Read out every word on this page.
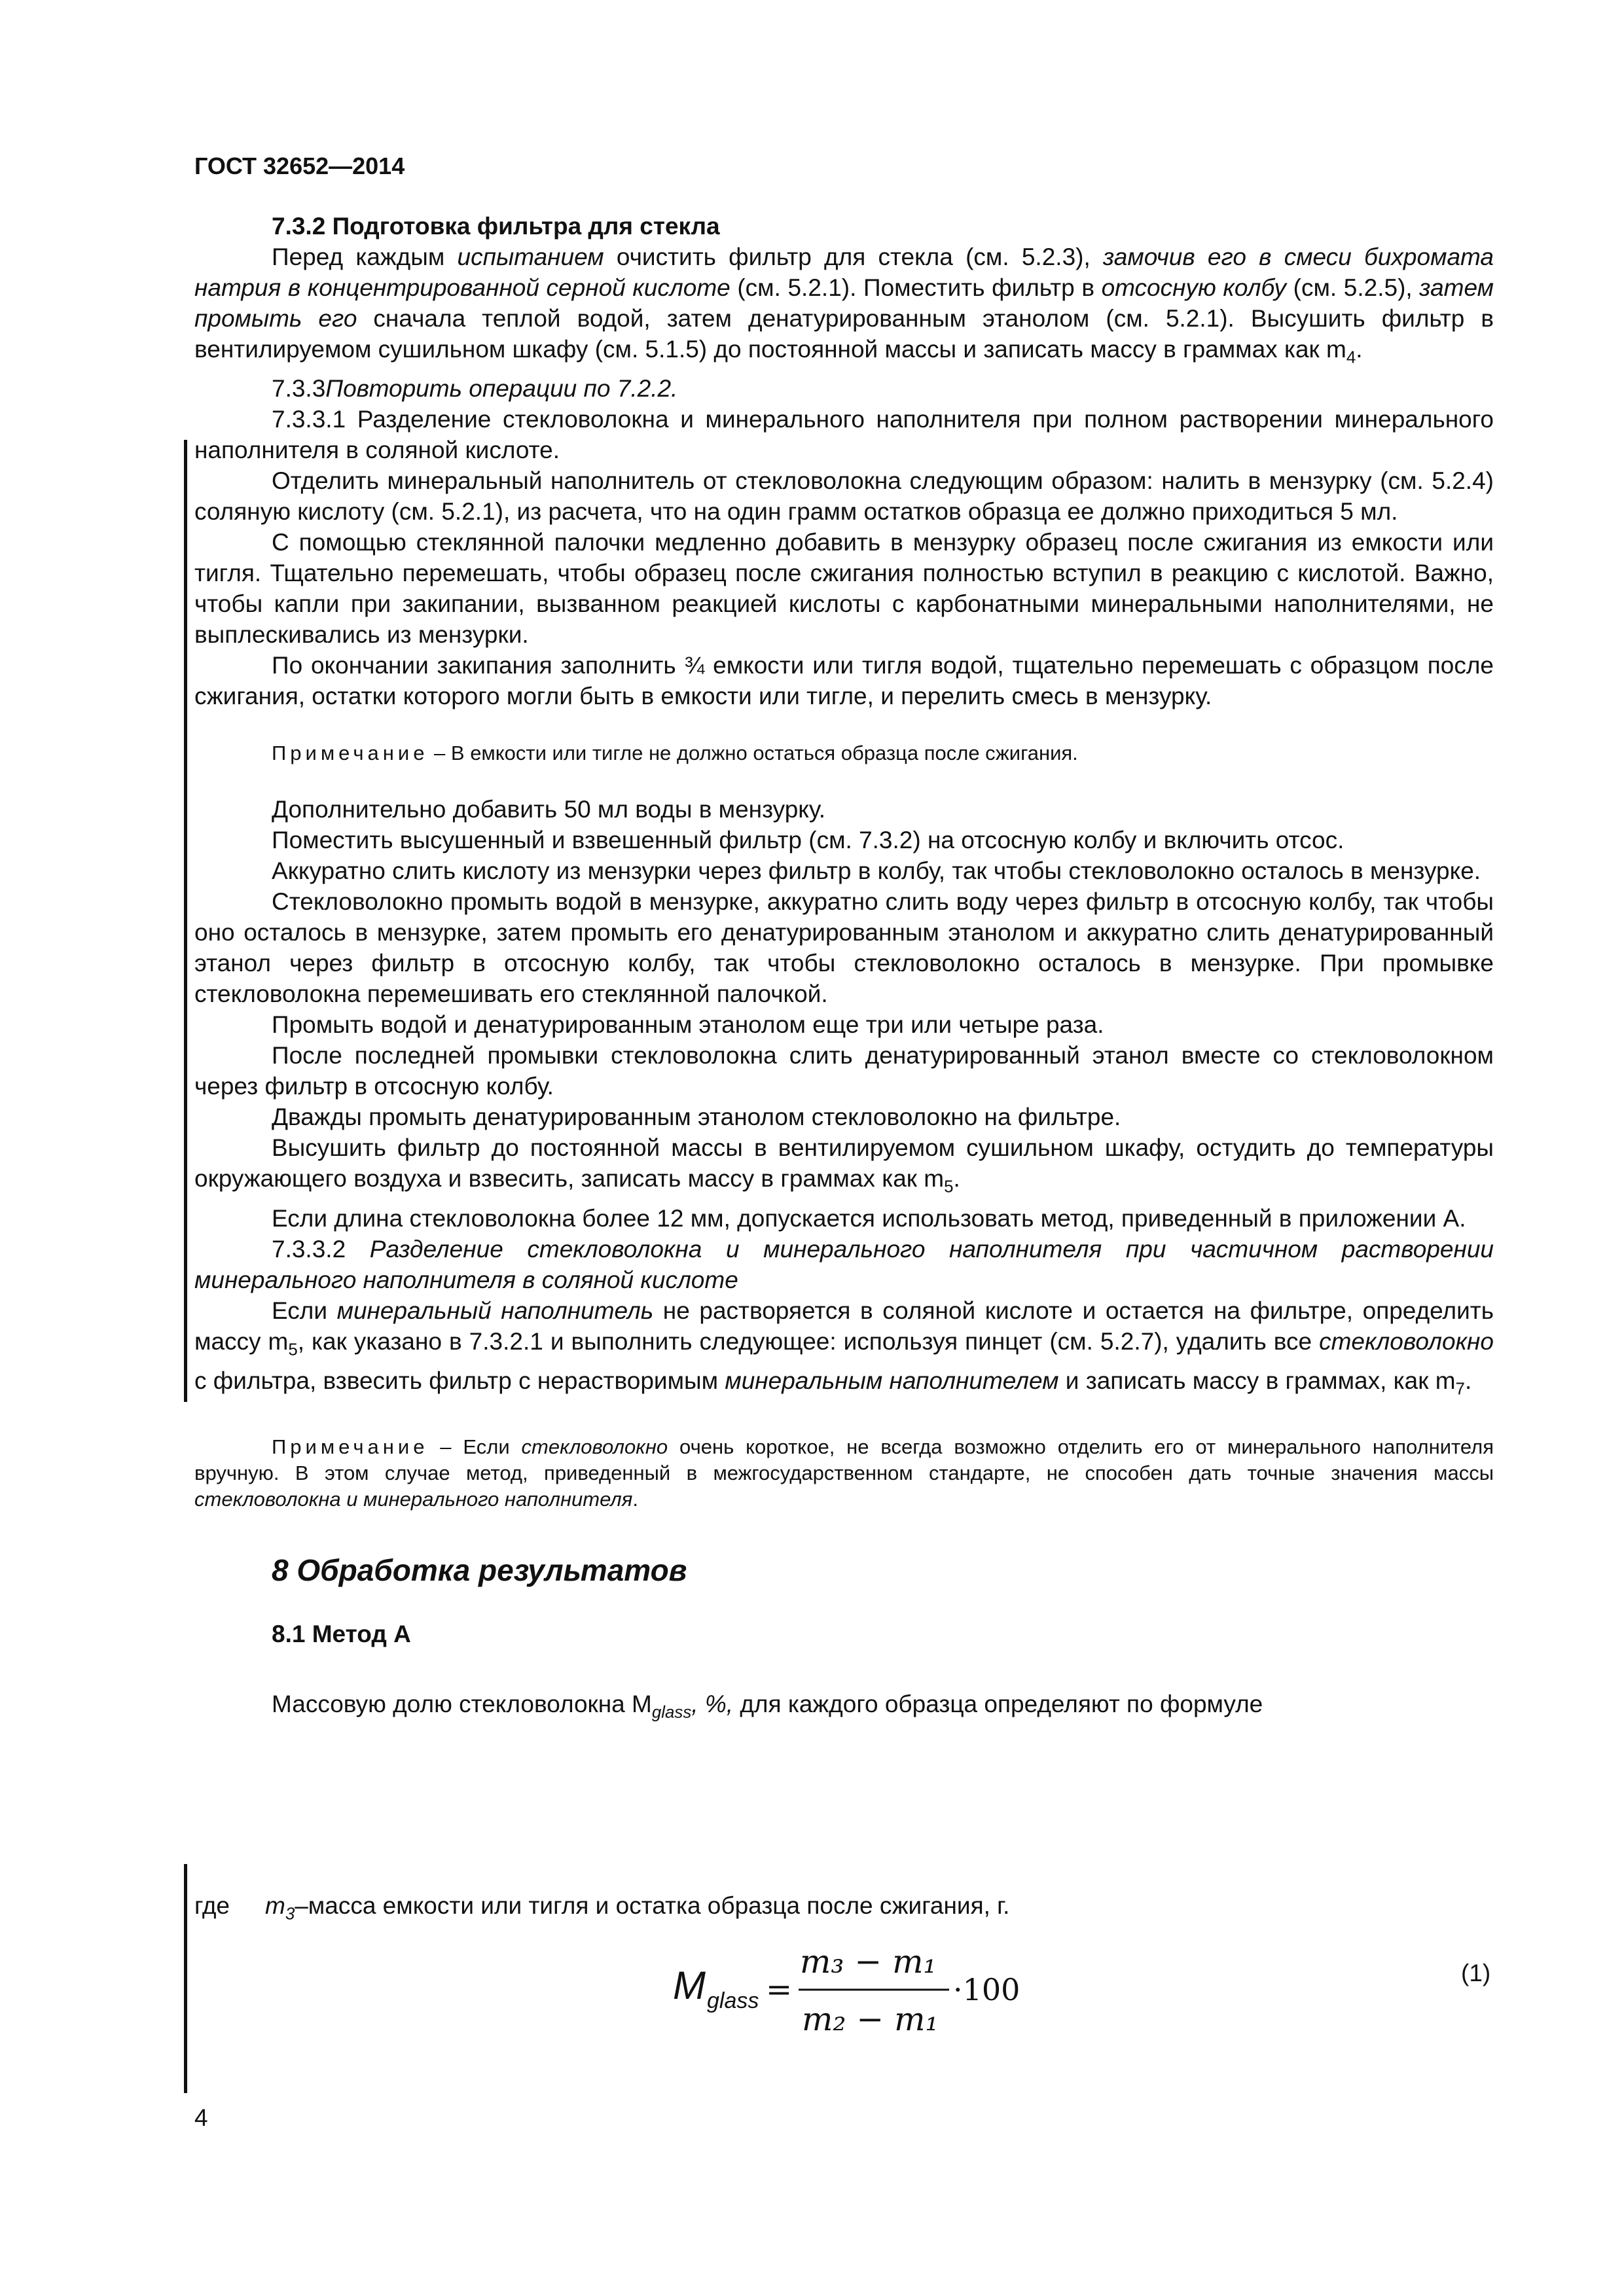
ГОСТ 32652—2014

7.3.2 Подготовка фильтра для стекла

Перед каждым испытанием очистить фильтр для стекла (см. 5.2.3), замочив его в смеси бихромата натрия в концентрированной серной кислоте (см. 5.2.1). Поместить фильтр в отсосную колбу (см. 5.2.5), затем промыть его сначала теплой водой, затем денатурированным этанолом (см. 5.2.1). Высушить фильтр в вентилируемом сушильном шкафу (см. 5.1.5) до постоянной массы и записать массу в граммах как $m_4$.

7.3.3Повторить операции по 7.2.2.

7.3.3.1 Разделение стекловолокна и минерального наполнителя при полном растворении минерального наполнителя в соляной кислоте.

Отделить минеральный наполнитель от стекловолокна следующим образом: налить в мензурку (см. 5.2.4) соляную кислоту (см. 5.2.1), из расчета, что на один грамм остатков образца ее должно приходиться 5 мл.

С помощью стеклянной палочки медленно добавить в мензурку образец после сжигания из емкости или тигля. Тщательно перемешать, чтобы образец после сжигания полностью вступил в реакцию с кислотой. Важно, чтобы капли при закипании, вызванном реакцией кислоты с карбонатными минеральными наполнителями, не выплескивались из мензурки.

По окончании закипания заполнить ¾ емкости или тигля водой, тщательно перемешать с образцом после сжигания, остатки которого могли быть в емкости или тигле, и перелить смесь в мензурку.

Примечание – В емкости или тигле не должно остаться образца после сжигания.

Дополнительно добавить 50 мл воды в мензурку.

Поместить высушенный и взвешенный фильтр (см. 7.3.2) на отсосную колбу и включить отсос.

Аккуратно слить кислоту из мензурки через фильтр в колбу, так чтобы стекловолокно осталось в мензурке.

Стекловолокно промыть водой в мензурке, аккуратно слить воду через фильтр в отсосную колбу, так чтобы оно осталось в мензурке, затем промыть его денатурированным этанолом и аккуратно слить денатурированный этанол через фильтр в отсосную колбу, так чтобы стекловолокно осталось в мензурке. При промывке стекловолокна перемешивать его стеклянной палочкой.

Промыть водой и денатурированным этанолом еще три или четыре раза.

После последней промывки стекловолокна слить денатурированный этанол вместе со стекловолокном через фильтр в отсосную колбу.

Дважды промыть денатурированным этанолом стекловолокно на фильтре.

Высушить фильтр до постоянной массы в вентилируемом сушильном шкафу, остудить до температуры окружающего воздуха и взвесить, записать массу в граммах как $m_5$.

Если длина стекловолокна более 12 мм, допускается использовать метод, приведенный в приложении А.

7.3.3.2 Разделение стекловолокна и минерального наполнителя при частичном растворении минерального наполнителя в соляной кислоте

Если минеральный наполнитель не растворяется в соляной кислоте и остается на фильтре, определить массу $m_5$, как указано в 7.3.2.1 и выполнить следующее: используя пинцет (см. 5.2.7), удалить все стекловолокно с фильтра, взвесить фильтр с нерастворимым минеральным наполнителем и записать массу в граммах, как $m_7$.

Примечание – Если стекловолокно очень короткое, не всегда возможно отделить его от минерального наполнителя вручную. В этом случае метод, приведенный в межгосударственном стандарте, не способен дать точные значения массы стекловолокна и минерального наполнителя.

8 Обработка результатов

8.1 Метод А

Массовую долю стекловолокна $M_{glass}$, %, для каждого образца определяют по формуле

где $m_3$–масса емкости или тигля и остатка образца после сжигания, г.

M glass =
m₃ − m₁
m₂ − m₁
·100	(1)
4
